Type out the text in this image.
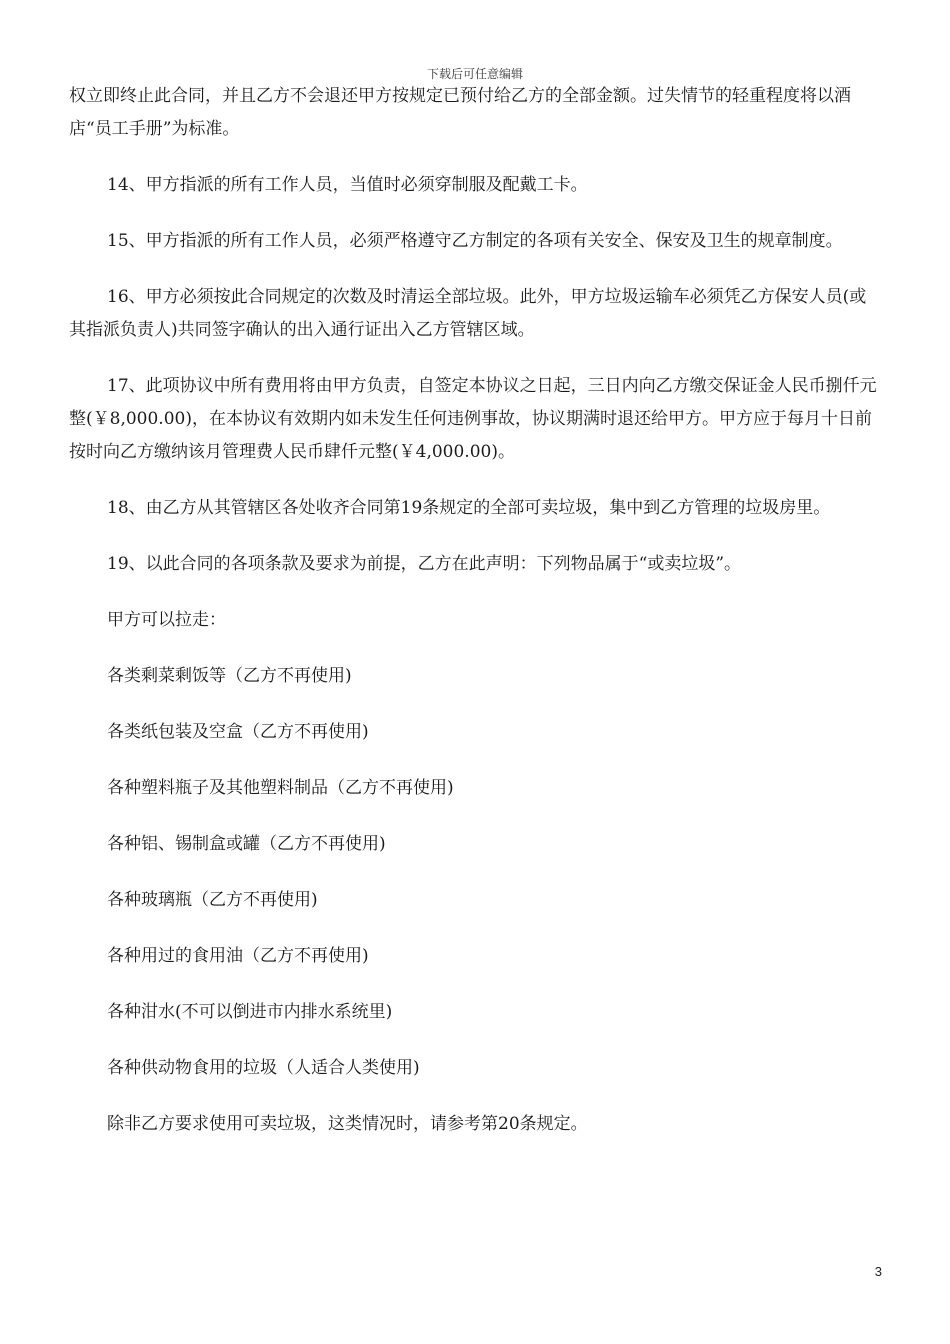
下载后可任意编辑

权立即终止此合同，并且乙方不会退还甲方按规定已预付给乙方的全部金额。过失情节的轻重程度将以酒店“员工手册”为标准。

14、甲方指派的所有工作人员，当值时必须穿制服及配戴工卡。

15、甲方指派的所有工作人员，必须严格遵守乙方制定的各项有关安全、保安及卫生的规章制度。

16、甲方必须按此合同规定的次数及时清运全部垃圾。此外，甲方垃圾运输车必须凭乙方保安人员(或其指派负责人)共同签字确认的出入通行证出入乙方管辖区域。

17、此项协议中所有费用将由甲方负责，自签定本协议之日起，三日内向乙方缴交保证金人民币捌仟元整(￥8,000.00)，在本协议有效期内如未发生任何违例事故，协议期满时退还给甲方。甲方应于每月十日前按时向乙方缴纳该月管理费人民币肆仟元整(￥4,000.00)。

18、由乙方从其管辖区各处收齐合同第19条规定的全部可卖垃圾，集中到乙方管理的垃圾房里。

19、以此合同的各项条款及要求为前提，乙方在此声明：下列物品属于“或卖垃圾”。

甲方可以拉走：

各类剩菜剩饭等（乙方不再使用)

各类纸包装及空盒（乙方不再使用)

各种塑料瓶子及其他塑料制品（乙方不再使用)

各种铝、锡制盒或罐（乙方不再使用)

各种玻璃瓶（乙方不再使用)

各种用过的食用油（乙方不再使用)

各种泔水(不可以倒进市内排水系统里)

各种供动物食用的垃圾（人适合人类使用)

除非乙方要求使用可卖垃圾，这类情况时，请参考第20条规定。

3
